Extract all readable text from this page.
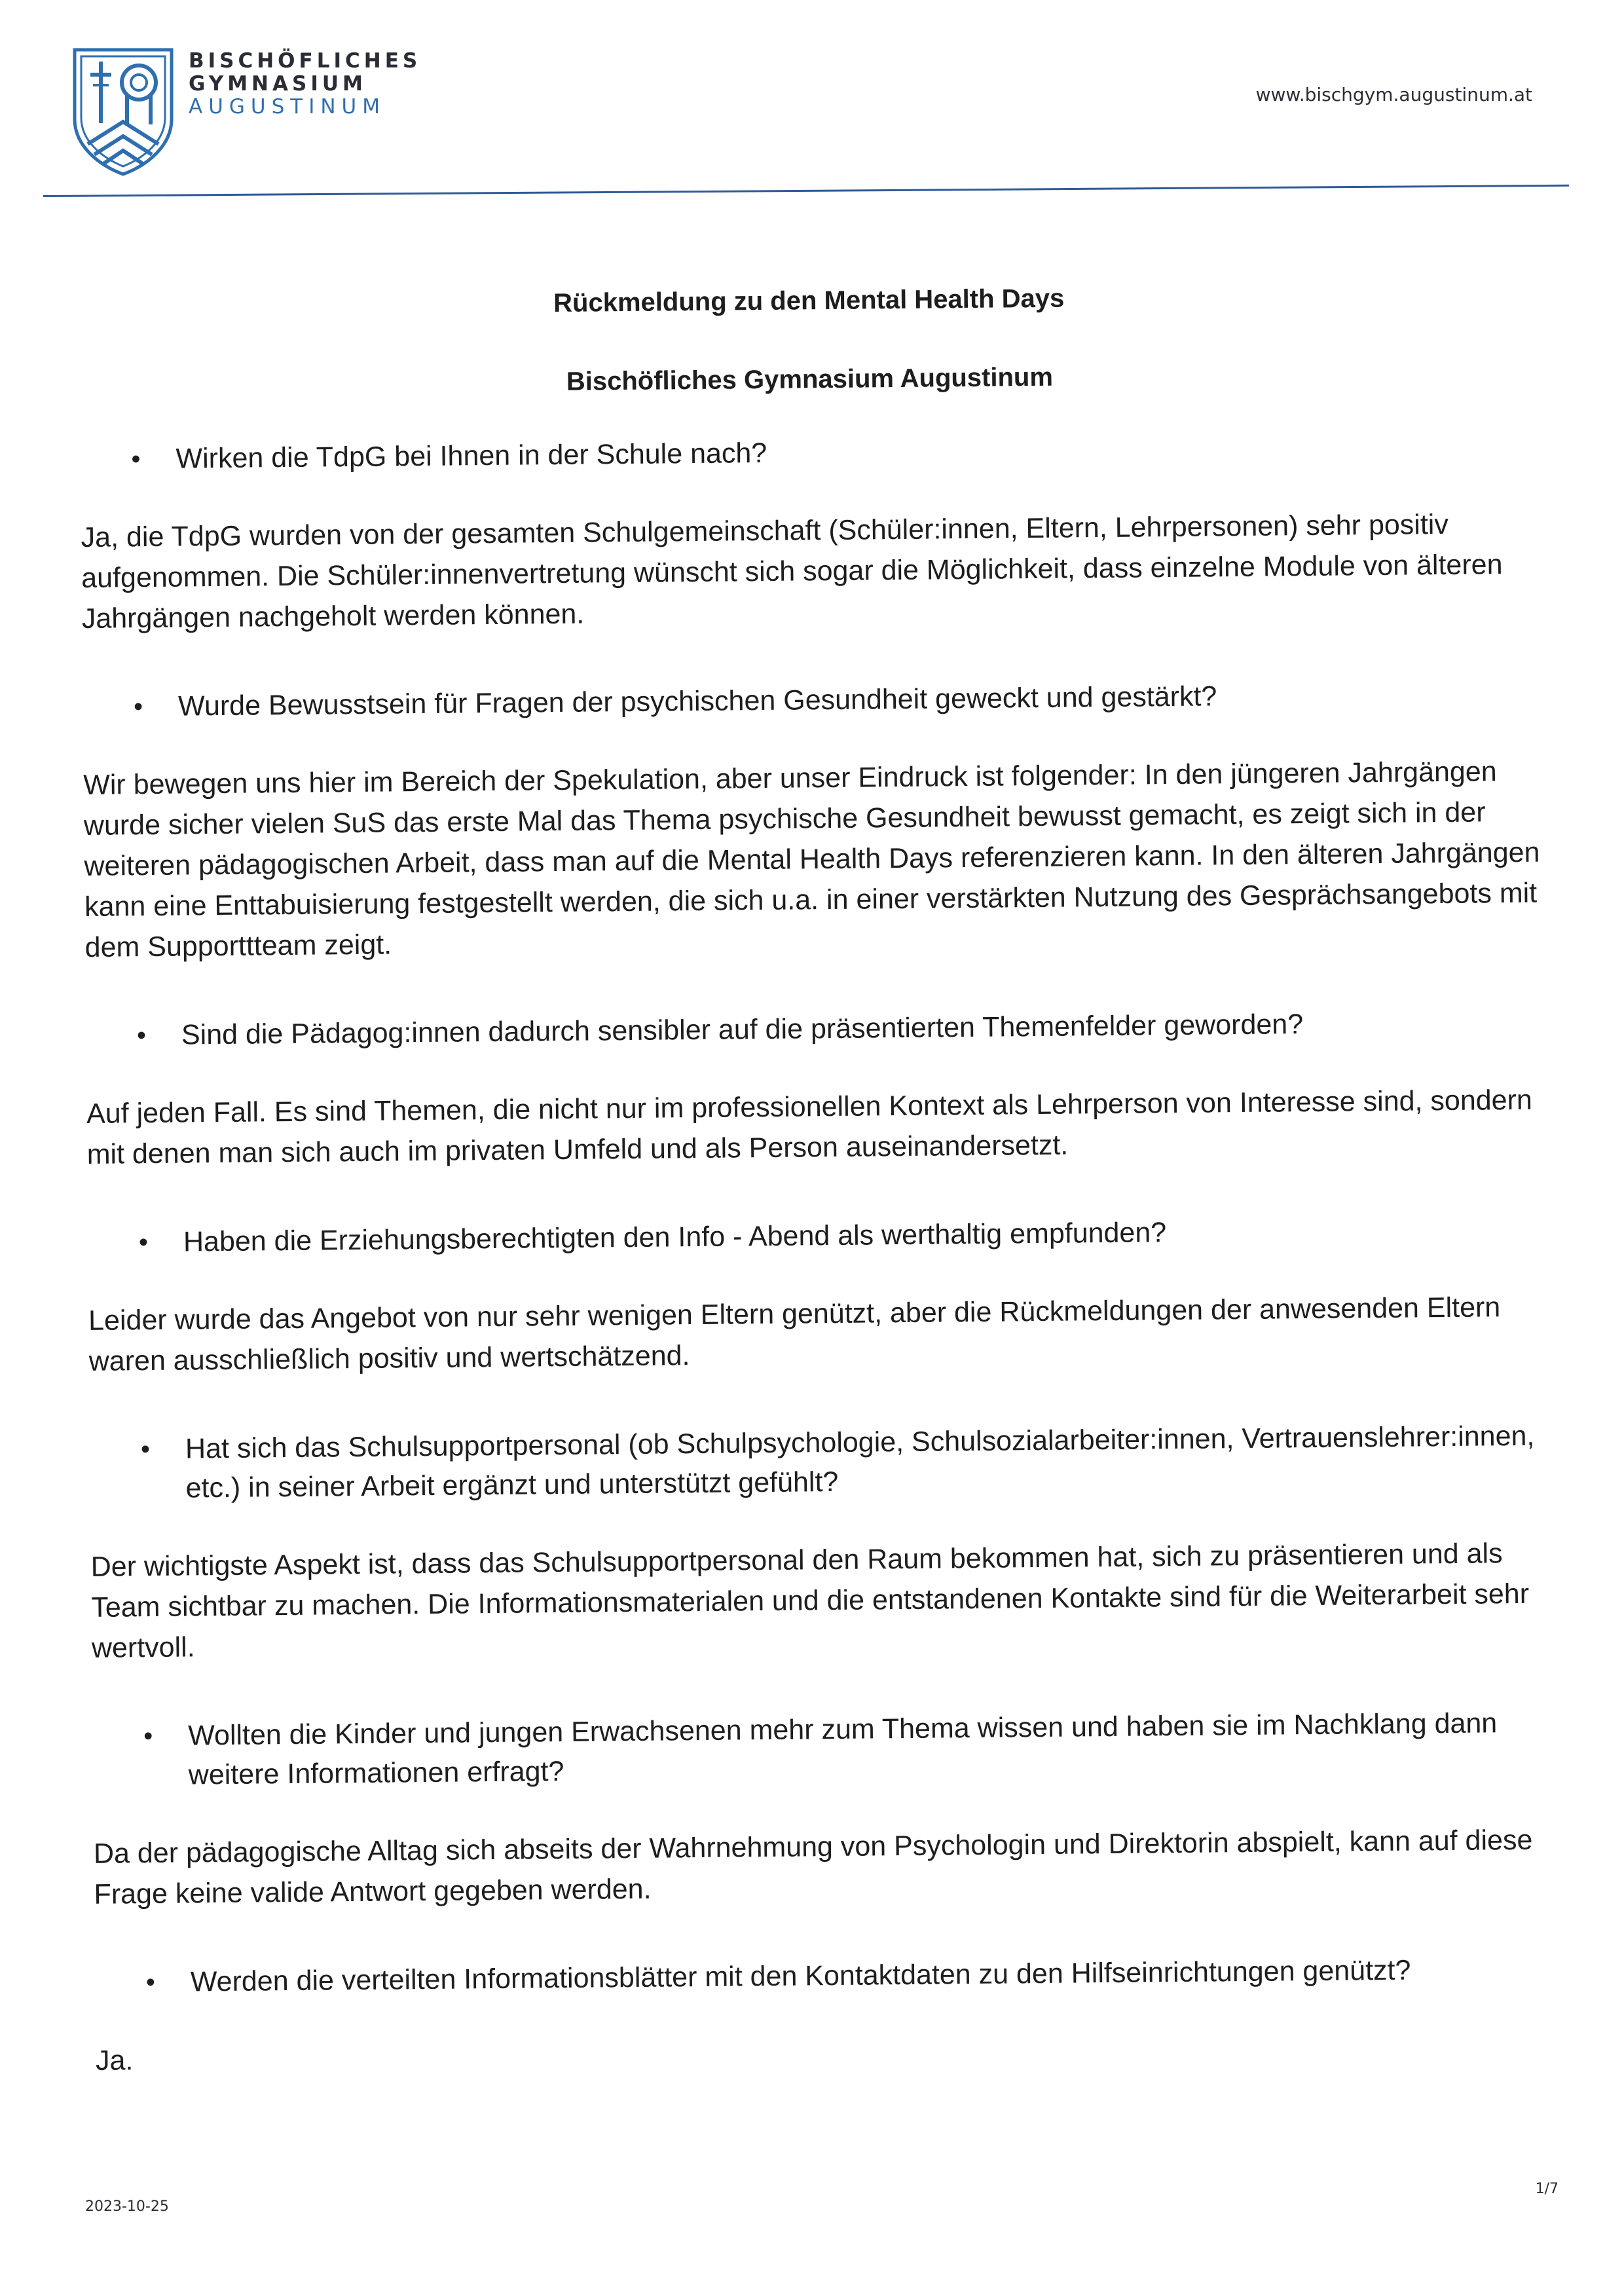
BISCHÖFLICHES
GYMNASIUM
AUGUSTINUM
www.bischgym.augustinum.at
Rückmeldung zu den Mental Health Days
Bischöfliches Gymnasium Augustinum
• Wirken die TdpG bei Ihnen in der Schule nach?
Ja, die TdpG wurden von der gesamten Schulgemeinschaft (Schüler:innen, Eltern, Lehrpersonen) sehr positiv aufgenommen. Die Schüler:innenvertretung wünscht sich sogar die Möglichkeit, dass einzelne Module von älteren Jahrgängen nachgeholt werden können.
• Wurde Bewusstsein für Fragen der psychischen Gesundheit geweckt und gestärkt?
Wir bewegen uns hier im Bereich der Spekulation, aber unser Eindruck ist folgender: In den jüngeren Jahrgängen wurde sicher vielen SuS das erste Mal das Thema psychische Gesundheit bewusst gemacht, es zeigt sich in der weiteren pädagogischen Arbeit, dass man auf die Mental Health Days referenzieren kann. In den älteren Jahrgängen kann eine Enttabuisierung festgestellt werden, die sich u.a. in einer verstärkten Nutzung des Gesprächsangebots mit dem Supporttteam zeigt.
• Sind die Pädagog:innen dadurch sensibler auf die präsentierten Themenfelder geworden?
Auf jeden Fall. Es sind Themen, die nicht nur im professionellen Kontext als Lehrperson von Interesse sind, sondern mit denen man sich auch im privaten Umfeld und als Person auseinandersetzt.
• Haben die Erziehungsberechtigten den Info - Abend als werthaltig empfunden?
Leider wurde das Angebot von nur sehr wenigen Eltern genützt, aber die Rückmeldungen der anwesenden Eltern waren ausschließlich positiv und wertschätzend.
• Hat sich das Schulsupportpersonal (ob Schulpsychologie, Schulsozialarbeiter:innen, Vertrauenslehrer:innen, etc.) in seiner Arbeit ergänzt und unterstützt gefühlt?
Der wichtigste Aspekt ist, dass das Schulsupportpersonal den Raum bekommen hat, sich zu präsentieren und als Team sichtbar zu machen. Die Informationsmaterialen und die entstandenen Kontakte sind für die Weiterarbeit sehr wertvoll.
• Wollten die Kinder und jungen Erwachsenen mehr zum Thema wissen und haben sie im Nachklang dann weitere Informationen erfragt?
Da der pädagogische Alltag sich abseits der Wahrnehmung von Psychologin und Direktorin abspielt, kann auf diese Frage keine valide Antwort gegeben werden.
• Werden die verteilten Informationsblätter mit den Kontaktdaten zu den Hilfseinrichtungen genützt?
Ja.
2023-10-25
1/7
